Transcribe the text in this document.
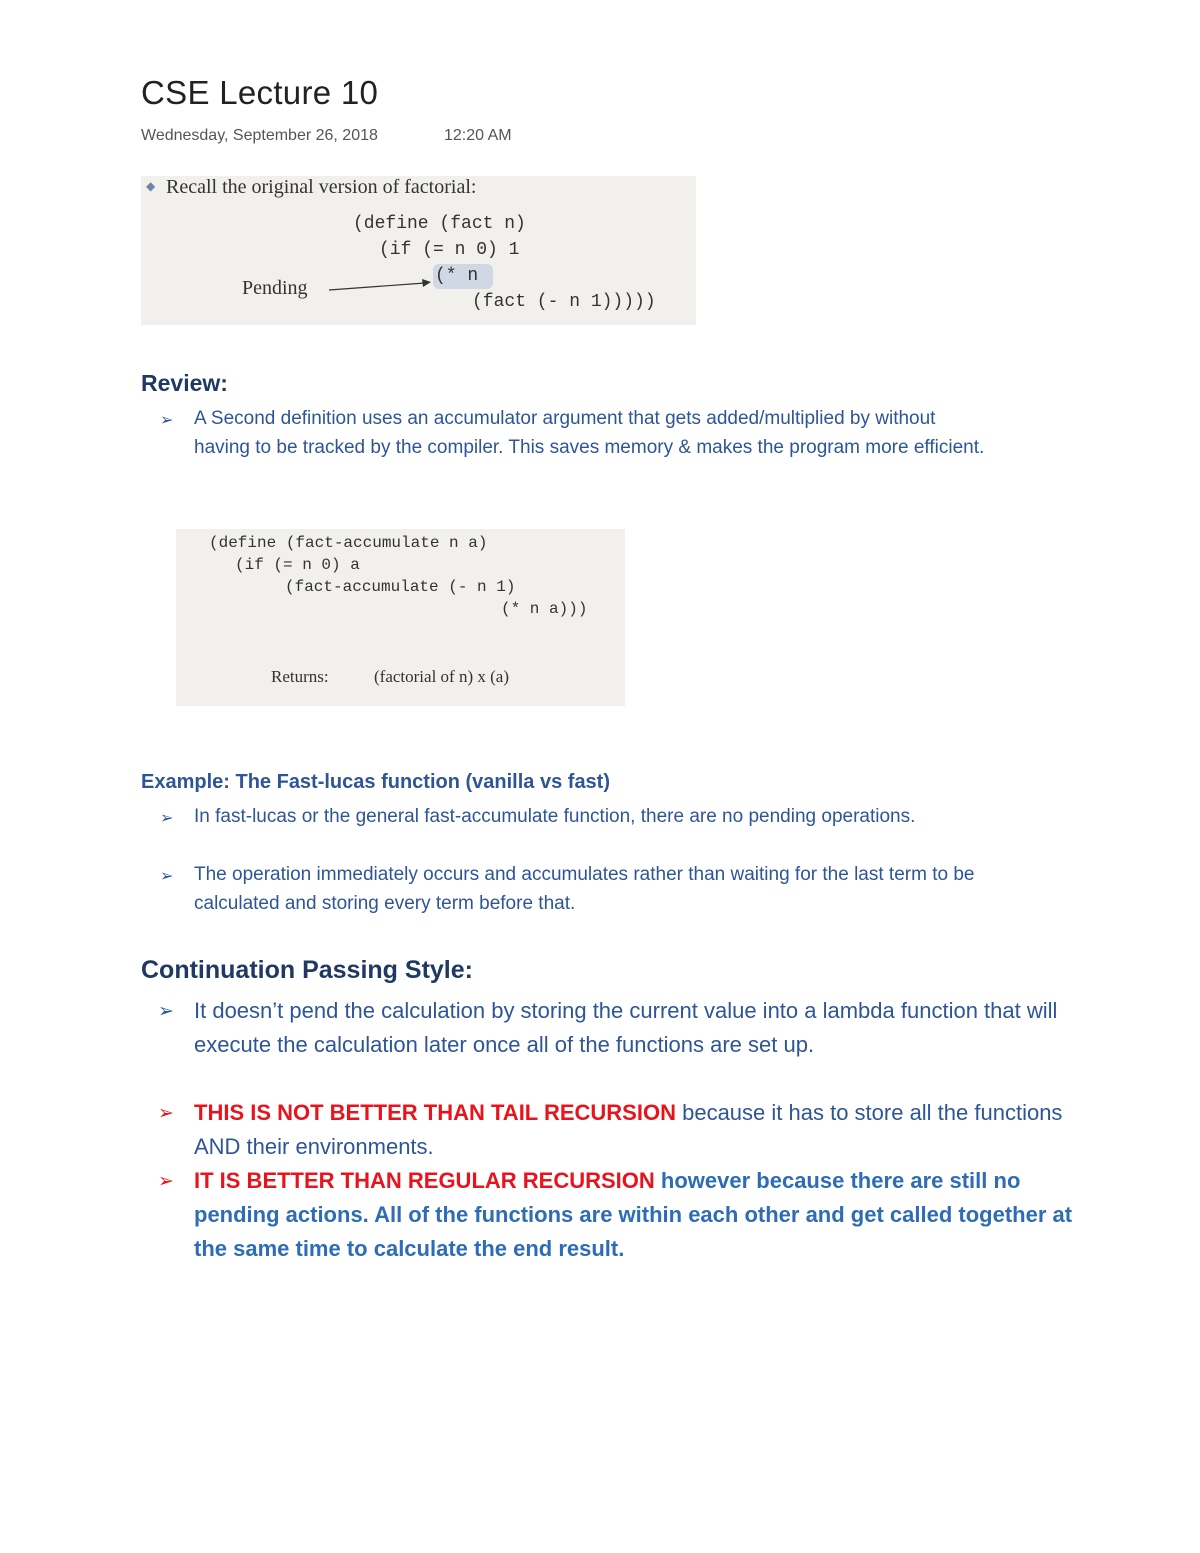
CSE Lecture 10
Wednesday, September 26, 2018	12:20 AM
◆ Recall the original version of factorial:
(define (fact n)
(if (= n 0) 1
(* n
(fact (- n 1)))))
Pending
Review:
➢ A Second definition uses an accumulator argument that gets added/multiplied by without having to be tracked by the compiler. This saves memory & makes the program more efficient.
(define (fact-accumulate n a)
(if (= n 0) a
(fact-accumulate (- n 1)
(* n a)))
Returns:	(factorial of n) x (a)
Example: The Fast-lucas function (vanilla vs fast)
➢ In fast-lucas or the general fast-accumulate function, there are no pending operations.
➢ The operation immediately occurs and accumulates rather than waiting for the last term to be calculated and storing every term before that.
Continuation Passing Style:
➢ It doesn’t pend the calculation by storing the current value into a lambda function that will execute the calculation later once all of the functions are set up.
➢ THIS IS NOT BETTER THAN TAIL RECURSION because it has to store all the functions AND their environments.
➢ IT IS BETTER THAN REGULAR RECURSION however because there are still no pending actions. All of the functions are within each other and get called together at the same time to calculate the end result.
